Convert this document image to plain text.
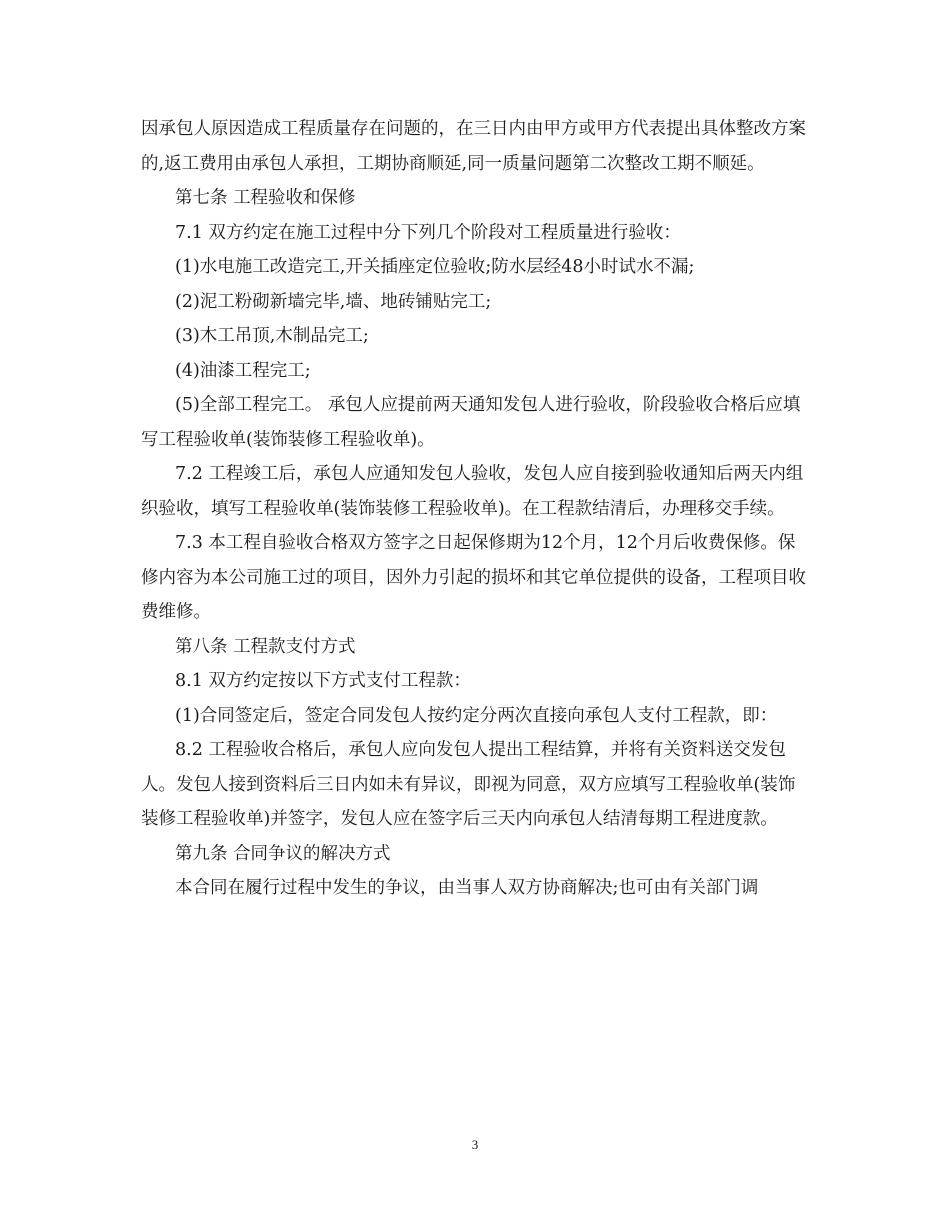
因承包人原因造成工程质量存在问题的，在三日内由甲方或甲方代表提出具体整改方案的,返工费用由承包人承担，工期协商顺延,同一质量问题第二次整改工期不顺延。

第七条 工程验收和保修

7.1 双方约定在施工过程中分下列几个阶段对工程质量进行验收：

(1)水电施工改造完工,开关插座定位验收;防水层经48小时试水不漏;

(2)泥工粉砌新墙完毕,墙、地砖铺贴完工;

(3)木工吊顶,木制品完工;

(4)油漆工程完工;

(5)全部工程完工。 承包人应提前两天通知发包人进行验收，阶段验收合格后应填写工程验收单(装饰装修工程验收单)。

7.2 工程竣工后，承包人应通知发包人验收，发包人应自接到验收通知后两天内组织验收，填写工程验收单(装饰装修工程验收单)。在工程款结清后，办理移交手续。

7.3 本工程自验收合格双方签字之日起保修期为12个月，12个月后收费保修。保修内容为本公司施工过的项目，因外力引起的损坏和其它单位提供的设备，工程项目收费维修。

第八条 工程款支付方式

8.1 双方约定按以下方式支付工程款：

(1)合同签定后，签定合同发包人按约定分两次直接向承包人支付工程款，即：

8.2 工程验收合格后，承包人应向发包人提出工程结算，并将有关资料送交发包人。发包人接到资料后三日内如未有异议，即视为同意，双方应填写工程验收单(装饰装修工程验收单)并签字，发包人应在签字后三天内向承包人结清每期工程进度款。

第九条 合同争议的解决方式

本合同在履行过程中发生的争议，由当事人双方协商解决;也可由有关部门调

3
